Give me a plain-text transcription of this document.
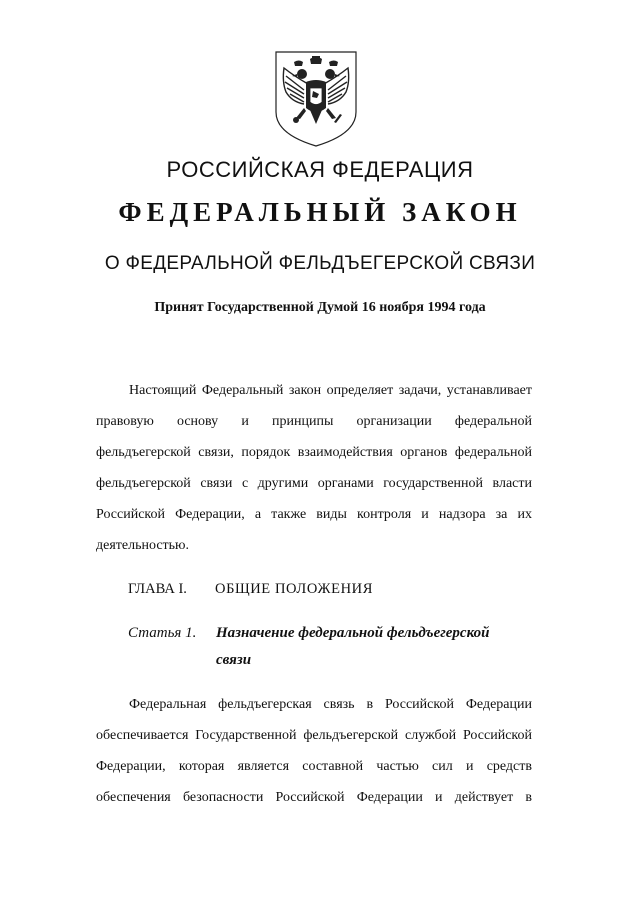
РОССИЙСКАЯ ФЕДЕРАЦИЯ
ФЕДЕРАЛЬНЫЙ ЗАКОН
О ФЕДЕРАЛЬНОЙ ФЕЛЬДЪЕГЕРСКОЙ СВЯЗИ
Принят Государственной Думой 16 ноября 1994 года
Настоящий Федеральный закон определяет задачи, устанавливает
правовую основу и принципы организации федеральной
фельдъегерской связи, порядок взаимодействия органов федеральной
фельдъегерской связи с другими органами государственной власти
Российской Федерации, а также виды контроля и надзора за их
деятельностью.
ГЛАВА I. ОБЩИЕ ПОЛОЖЕНИЯ
Статья 1. Назначение федеральной фельдъегерской
связи
Федеральная фельдъегерская связь в Российской Федерации
обеспечивается Государственной фельдъегерской службой Российской
Федерации, которая является составной частью сил и средств
обеспечения безопасности Российской Федерации и действует в
